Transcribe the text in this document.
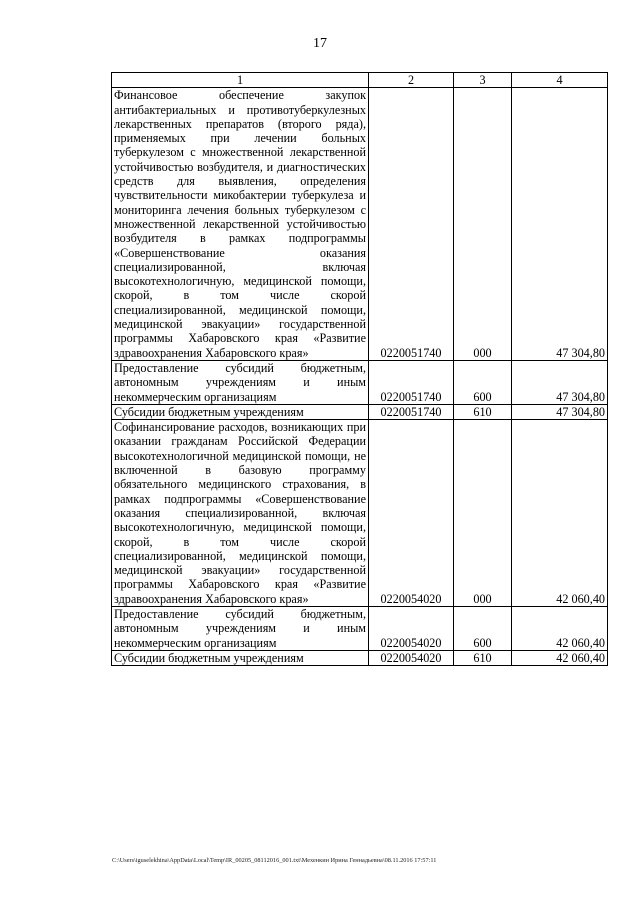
17
1	2	3	4
Финансовое обеспечение закупок антибактериальных и противотуберкулезных лекарственных препаратов (второго ряда), применяемых при лечении больных туберкулезом с множественной лекарственной устойчивостью возбудителя, и диагностических средств для выявления, определения чувствительности микобактерии туберкулеза и мониторинга лечения больных туберкулезом с множественной лекарственной устойчивостью возбудителя в рамках подпрограммы «Совершенствование оказания специализированной, включая высокотехнологичную, медицинской помощи, скорой, в том числе скорой специализированной, медицинской помощи, медицинской эвакуации» государственной программы Хабаровского края «Развитие здравоохранения Хабаровского края»	0220051740	000	47 304,80
Предоставление субсидий бюджетным, автономным учреждениям и иным некоммерческим организациям	0220051740	600	47 304,80
Субсидии бюджетным учреждениям	0220051740	610	47 304,80
Софинансирование расходов, возникающих при оказании гражданам Российской Федерации высокотехнологичной медицинской помощи, не включенной в базовую программу обязательного медицинского страхования, в рамках подпрограммы «Совершенствование оказания специализированной, включая высокотехнологичную, медицинской помощи, скорой, в том числе скорой специализированной, медицинской помощи, медицинской эвакуации» государственной программы Хабаровского края «Развитие здравоохранения Хабаровского края»	0220054020	000	42 060,40
Предоставление субсидий бюджетным, автономным учреждениям и иным некоммерческим организациям	0220054020	600	42 060,40
Субсидии бюджетным учреждениям	0220054020	610	42 060,40
C:\Users\iguselekhina\AppData\Local\Temp\IR_00205_08112016_001.txt\Мехенкин Ирина Геннадьевна\08.11.2016 17:57:11
